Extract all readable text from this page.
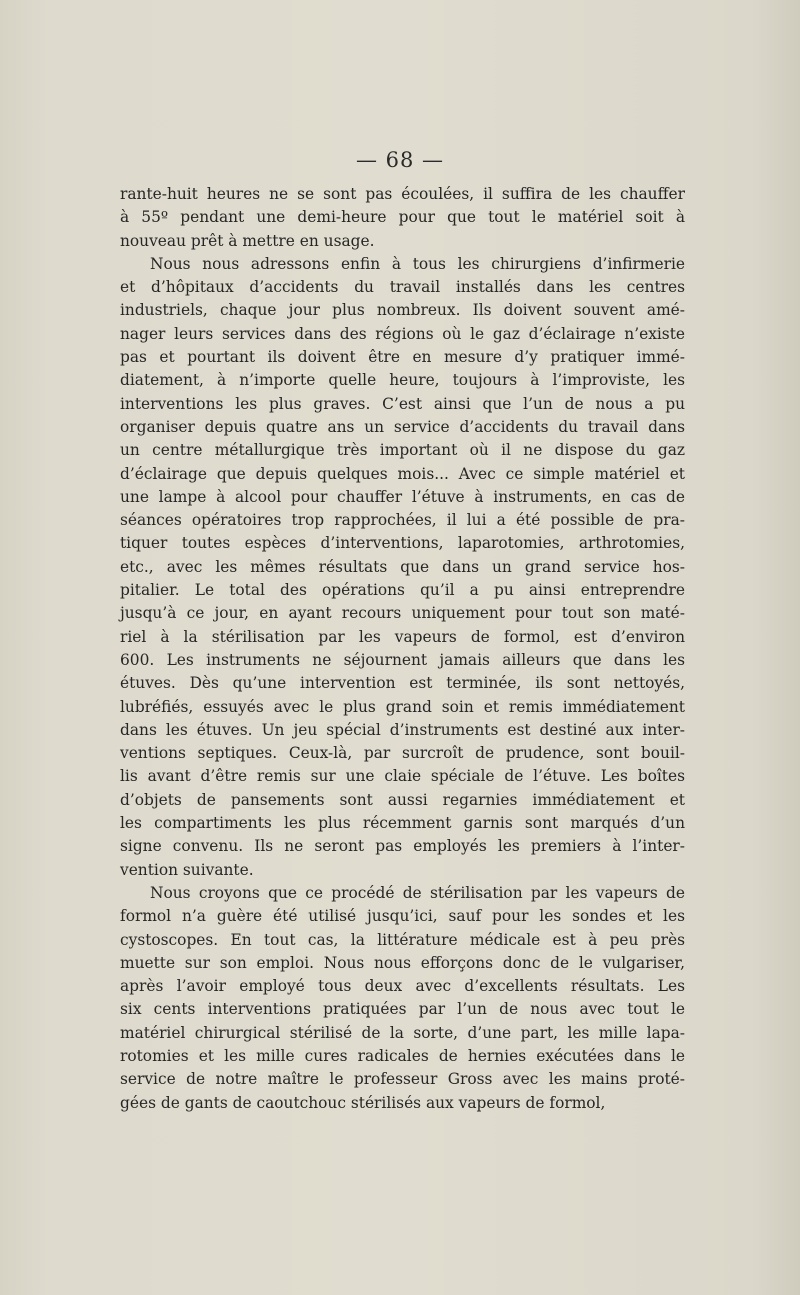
— 68 —

rante-huit heures ne se sont pas écoulées, il suffira de les chauffer
à 55º pendant une demi-heure pour que tout le matériel soit à
nouveau prêt à mettre en usage.

Nous nous adressons enfin à tous les chirurgiens d’infirmerie
et d’hôpitaux d’accidents du travail installés dans les centres
industriels, chaque jour plus nombreux. Ils doivent souvent amé-
nager leurs services dans des régions où le gaz d’éclairage n’existe
pas et pourtant ils doivent être en mesure d’y pratiquer immé-
diatement, à n’importe quelle heure, toujours à l’improviste, les
interventions les plus graves. C’est ainsi que l’un de nous a pu
organiser depuis quatre ans un service d’accidents du travail dans
un centre métallurgique très important où il ne dispose du gaz
d’éclairage que depuis quelques mois... Avec ce simple matériel et
une lampe à alcool pour chauffer l’étuve à instruments, en cas de
séances opératoires trop rapprochées, il lui a été possible de pra-
tiquer toutes espèces d’interventions, laparotomies, arthrotomies,
etc., avec les mêmes résultats que dans un grand service hos-
pitalier. Le total des opérations qu’il a pu ainsi entreprendre
jusqu’à ce jour, en ayant recours uniquement pour tout son maté-
riel à la stérilisation par les vapeurs de formol, est d’environ
600. Les instruments ne séjournent jamais ailleurs que dans les
étuves. Dès qu’une intervention est terminée, ils sont nettoyés,
lubréfiés, essuyés avec le plus grand soin et remis immédiatement
dans les étuves. Un jeu spécial d’instruments est destiné aux inter-
ventions septiques. Ceux-là, par surcroît de prudence, sont bouil-
lis avant d’être remis sur une claie spéciale de l’étuve. Les boîtes
d’objets de pansements sont aussi regarnies immédiatement et
les compartiments les plus récemment garnis sont marqués d’un
signe convenu. Ils ne seront pas employés les premiers à l’inter-
vention suivante.

Nous croyons que ce procédé de stérilisation par les vapeurs de
formol n’a guère été utilisé jusqu’ici, sauf pour les sondes et les
cystoscopes. En tout cas, la littérature médicale est à peu près
muette sur son emploi. Nous nous efforçons donc de le vulgariser,
après l’avoir employé tous deux avec d’excellents résultats. Les
six cents interventions pratiquées par l’un de nous avec tout le
matériel chirurgical stérilisé de la sorte, d’une part, les mille lapa-
rotomies et les mille cures radicales de hernies exécutées dans le
service de notre maître le professeur Gross avec les mains proté-
gées de gants de caoutchouc stérilisés aux vapeurs de formol,
